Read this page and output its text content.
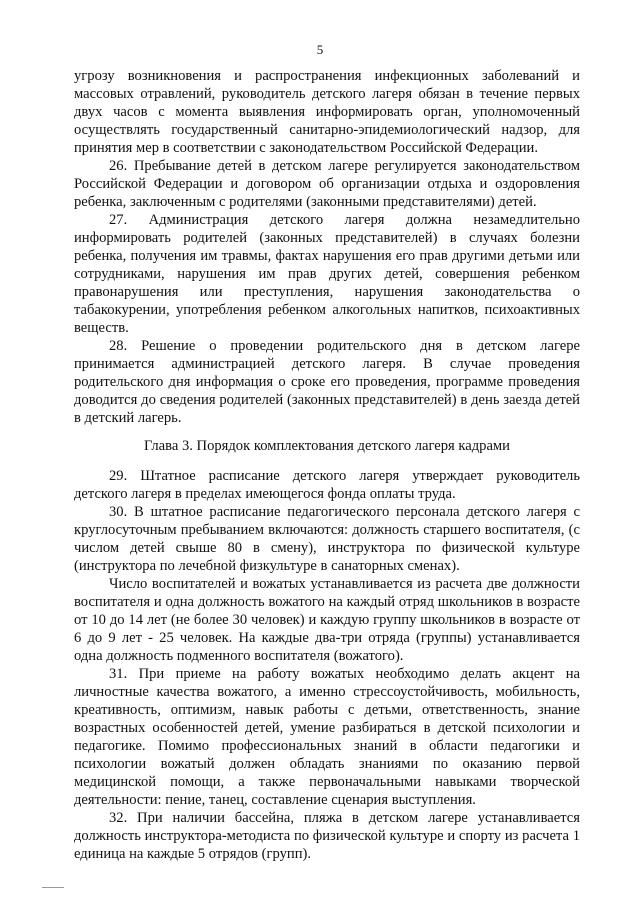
5

угрозу возникновения и распространения инфекционных заболеваний и массовых отравлений, руководитель детского лагеря обязан в течение первых двух часов с момента выявления информировать орган, уполномоченный осуществлять государственный санитарно-эпидемиологический надзор, для принятия мер в соответствии с законодательством Российской Федерации.

26. Пребывание детей в детском лагере регулируется законодательством Российской Федерации и договором об организации отдыха и оздоровления ребенка, заключенным с родителями (законными представителями) детей.

27. Администрация детского лагеря должна незамедлительно информировать родителей (законных представителей) в случаях болезни ребенка, получения им травмы, фактах нарушения его прав другими детьми или сотрудниками, нарушения им прав других детей, совершения ребенком правонарушения или преступления, нарушения законодательства о табакокурении, употребления ребенком алкогольных напитков, психоактивных веществ.

28. Решение о проведении родительского дня в детском лагере принимается администрацией детского лагеря. В случае проведения родительского дня информация о сроке его проведения, программе проведения доводится до сведения родителей (законных представителей) в день заезда детей в детский лагерь.

Глава 3. Порядок комплектования детского лагеря кадрами

29. Штатное расписание детского лагеря утверждает руководитель детского лагеря в пределах имеющегося фонда оплаты труда.

30. В штатное расписание педагогического персонала детского лагеря с круглосуточным пребыванием включаются: должность старшего воспитателя, (с числом детей свыше 80 в смену), инструктора по физической культуре (инструктора по лечебной физкультуре в санаторных сменах).

Число воспитателей и вожатых устанавливается из расчета две должности воспитателя и одна должность вожатого на каждый отряд школьников в возрасте от 10 до 14 лет (не более 30 человек) и каждую группу школьников в возрасте от 6 до 9 лет - 25 человек. На каждые два-три отряда (группы) устанавливается одна должность подменного воспитателя (вожатого).

31. При приеме на работу вожатых необходимо делать акцент на личностные качества вожатого, а именно стрессоустойчивость, мобильность, креативность, оптимизм, навык работы с детьми, ответственность, знание возрастных особенностей детей, умение разбираться в детской психологии и педагогике. Помимо профессиональных знаний в области педагогики и психологии вожатый должен обладать знаниями по оказанию первой медицинской помощи, а также первоначальными навыками творческой деятельности: пение, танец, составление сценария выступления.

32. При наличии бассейна, пляжа в детском лагере устанавливается должность инструктора-методиста по физической культуре и спорту из расчета 1 единица на каждые 5 отрядов (групп).
